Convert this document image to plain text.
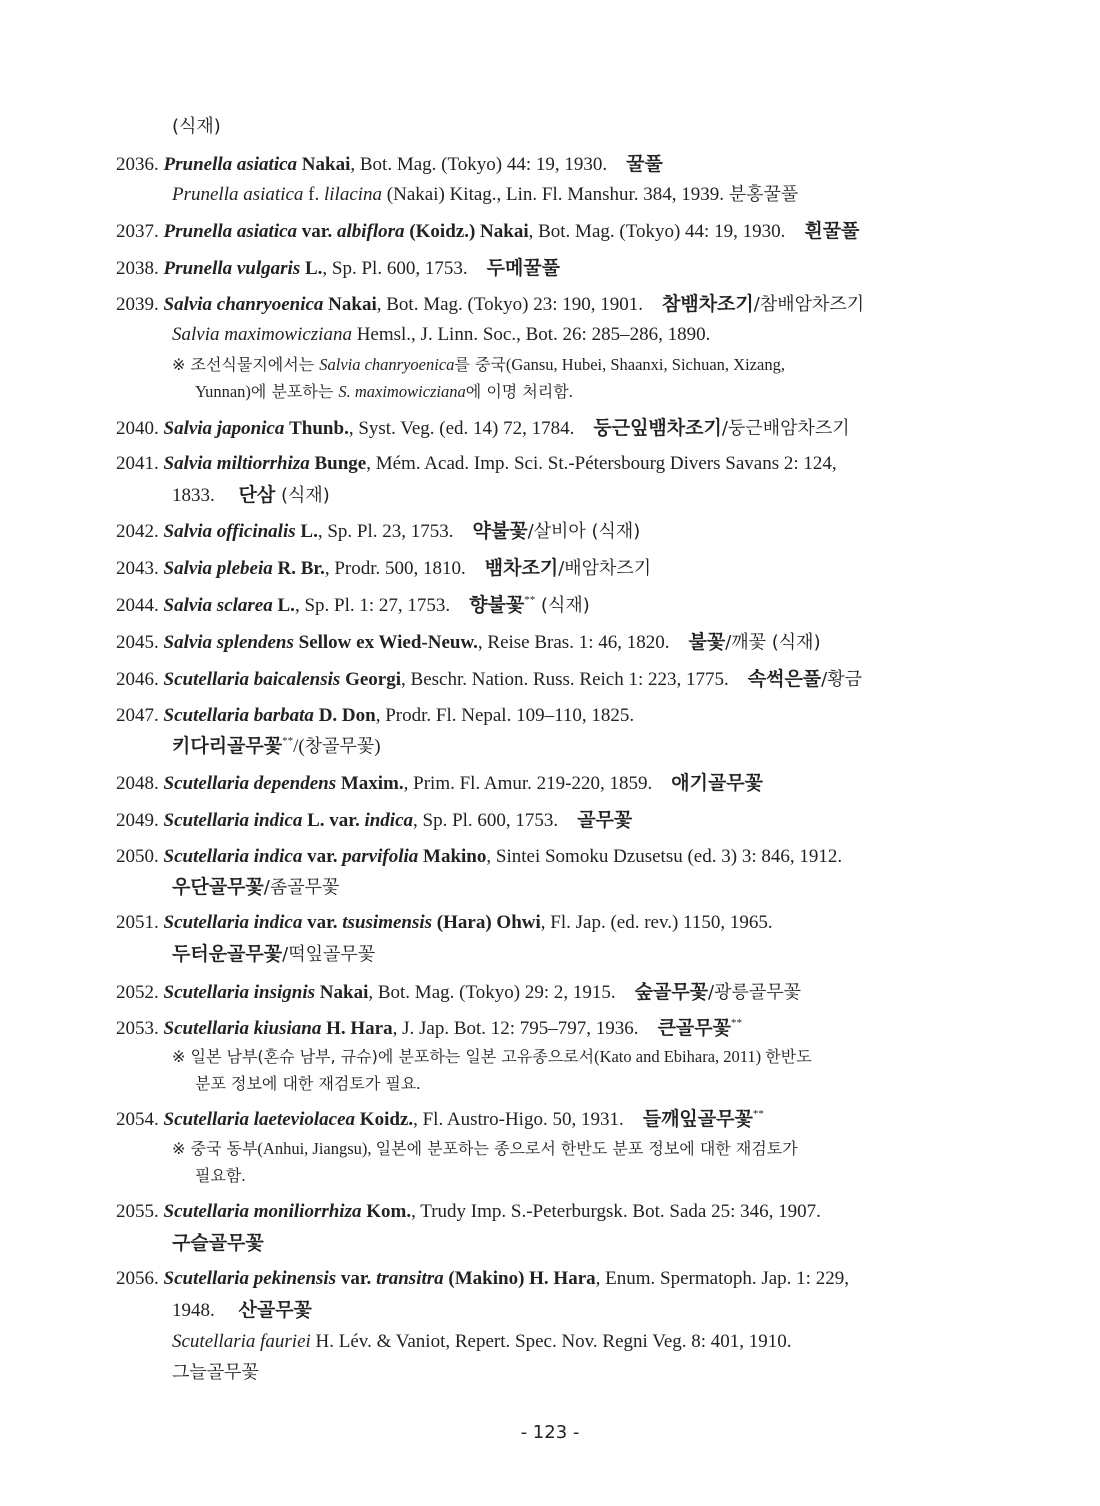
(식재)
2036. Prunella asiatica Nakai, Bot. Mag. (Tokyo) 44: 19, 1930. 꿀풀
Prunella asiatica f. lilacina (Nakai) Kitag., Lin. Fl. Manshur. 384, 1939. 분홍꿀풀
2037. Prunella asiatica var. albiflora (Koidz.) Nakai, Bot. Mag. (Tokyo) 44: 19, 1930. 흰꿀풀
2038. Prunella vulgaris L., Sp. Pl. 600, 1753. 두메꿀풀
2039. Salvia chanryoenica Nakai, Bot. Mag. (Tokyo) 23: 190, 1901. 참뱀차조기/참배암차즈기
Salvia maximowicziana Hemsl., J. Linn. Soc., Bot. 26: 285–286, 1890.
※ 조선식물지에서는 Salvia chanryoenica를 중국(Gansu, Hubei, Shaanxi, Sichuan, Xizang,
Yunnan)에 분포하는 S. maximowicziana에 이명 처리함.
2040. Salvia japonica Thunb., Syst. Veg. (ed. 14) 72, 1784. 둥근잎뱀차조기/둥근배암차즈기
2041. Salvia miltiorrhiza Bunge, Mém. Acad. Imp. Sci. St.-Pétersbourg Divers Savans 2: 124,
1833. 단삼 (식재)
2042. Salvia officinalis L., Sp. Pl. 23, 1753. 약불꽃/살비아 (식재)
2043. Salvia plebeia R. Br., Prodr. 500, 1810. 뱀차조기/배암차즈기
2044. Salvia sclarea L., Sp. Pl. 1: 27, 1753. 향불꽃** (식재)
2045. Salvia splendens Sellow ex Wied-Neuw., Reise Bras. 1: 46, 1820. 불꽃/깨꽃 (식재)
2046. Scutellaria baicalensis Georgi, Beschr. Nation. Russ. Reich 1: 223, 1775. 속썩은풀/황금
2047. Scutellaria barbata D. Don, Prodr. Fl. Nepal. 109–110, 1825.
키다리골무꽃**/(창골무꽃)
2048. Scutellaria dependens Maxim., Prim. Fl. Amur. 219-220, 1859. 애기골무꽃
2049. Scutellaria indica L. var. indica, Sp. Pl. 600, 1753. 골무꽃
2050. Scutellaria indica var. parvifolia Makino, Sintei Somoku Dzusetsu (ed. 3) 3: 846, 1912.
우단골무꽃/좀골무꽃
2051. Scutellaria indica var. tsusimensis (Hara) Ohwi, Fl. Jap. (ed. rev.) 1150, 1965.
두터운골무꽃/떡잎골무꽃
2052. Scutellaria insignis Nakai, Bot. Mag. (Tokyo) 29: 2, 1915. 숲골무꽃/광릉골무꽃
2053. Scutellaria kiusiana H. Hara, J. Jap. Bot. 12: 795–797, 1936. 큰골무꽃**
※ 일본 남부(혼슈 남부, 규슈)에 분포하는 일본 고유종으로서(Kato and Ebihara, 2011) 한반도
분포 정보에 대한 재검토가 필요.
2054. Scutellaria laeteviolacea Koidz., Fl. Austro-Higo. 50, 1931. 들깨잎골무꽃**
※ 중국 동부(Anhui, Jiangsu), 일본에 분포하는 종으로서 한반도 분포 정보에 대한 재검토가
필요함.
2055. Scutellaria moniliorrhiza Kom., Trudy Imp. S.-Peterburgsk. Bot. Sada 25: 346, 1907.
구슬골무꽃
2056. Scutellaria pekinensis var. transitra (Makino) H. Hara, Enum. Spermatoph. Jap. 1: 229,
1948. 산골무꽃
Scutellaria fauriei H. Lév. & Vaniot, Repert. Spec. Nov. Regni Veg. 8: 401, 1910.
그늘골무꽃
- 123 -
